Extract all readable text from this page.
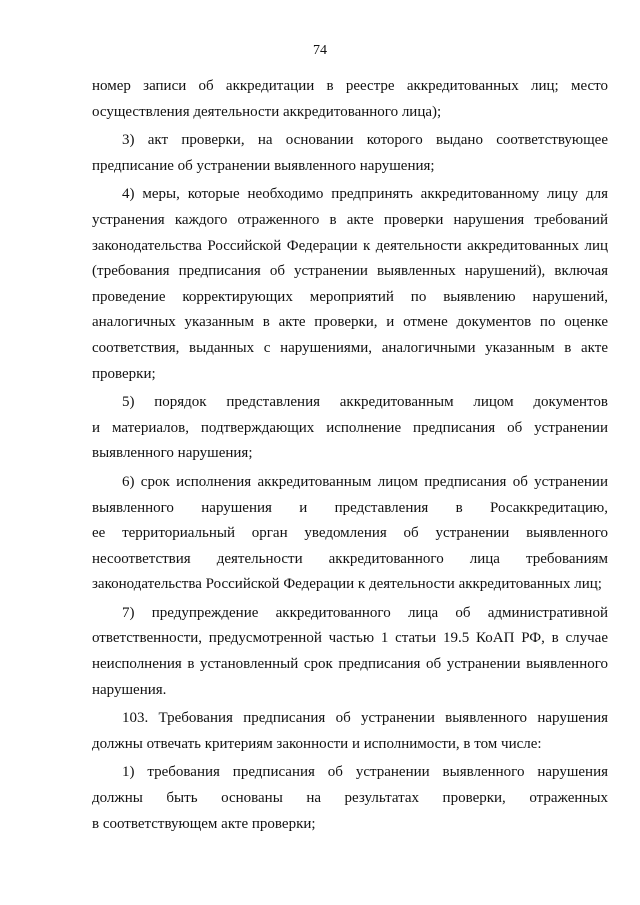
74
номер записи об аккредитации в реестре аккредитованных лиц; место
осуществления деятельности аккредитованного лица);
3) акт проверки, на основании которого выдано соответствующее
предписание об устранении выявленного нарушения;
4) меры, которые необходимо предпринять аккредитованному лицу для
устранения каждого отраженного в акте проверки нарушения требований
законодательства Российской Федерации к деятельности аккредитованных лиц
(требования предписания об устранении выявленных нарушений), включая
проведение корректирующих мероприятий по выявлению нарушений,
аналогичных указанным в акте проверки, и отмене документов по оценке
соответствия, выданных с нарушениями, аналогичными указанным в акте
проверки;
5) порядок представления аккредитованным лицом документов
и материалов, подтверждающих исполнение предписания об устранении
выявленного нарушения;
6) срок исполнения аккредитованным лицом предписания об устранении
выявленного нарушения и представления в Росаккредитацию,
ее территориальный орган уведомления об устранении выявленного
несоответствия деятельности аккредитованного лица требованиям
законодательства Российской Федерации к деятельности аккредитованных лиц;
7) предупреждение аккредитованного лица об административной
ответственности, предусмотренной частью 1 статьи 19.5 КоАП РФ, в случае
неисполнения в установленный срок предписания об устранении выявленного
нарушения.
103. Требования предписания об устранении выявленного нарушения
должны отвечать критериям законности и исполнимости, в том числе:
1) требования предписания об устранении выявленного нарушения
должны быть основаны на результатах проверки, отраженных
в соответствующем акте проверки;
